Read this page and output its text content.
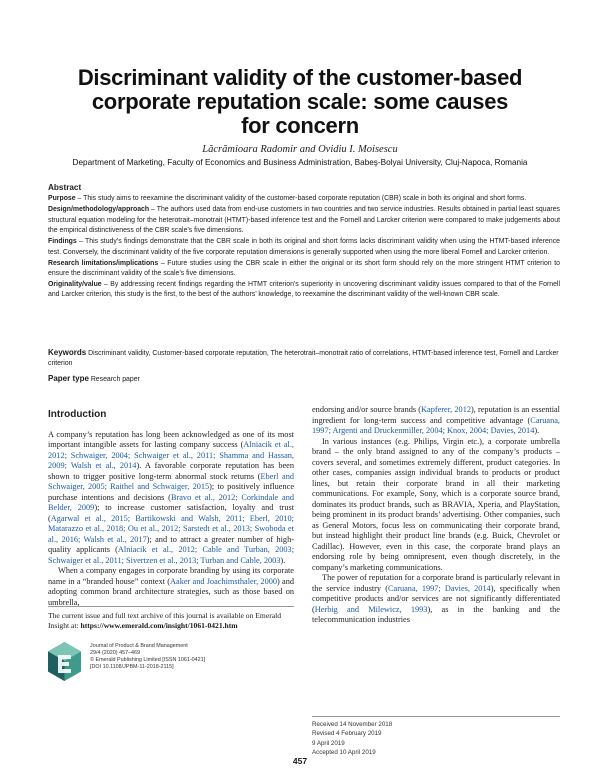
Discriminant validity of the customer-based
corporate reputation scale: some causes
for concern
Lăcrămioara Radomir and Ovidiu I. Moisescu
Department of Marketing, Faculty of Economics and Business Administration, Babeş-Bolyai University, Cluj-Napoca, Romania
Abstract

Purpose – This study aims to reexamine the discriminant validity of the customer-based corporate reputation (CBR) scale in both its original and short forms.

Design/methodology/approach – The authors used data from end-use customers in two countries and two service industries. Results obtained in partial least squares structural equation modeling for the heterotrait–monotrait (HTMT)-based inference test and the Fornell and Larcker criterion were compared to make judgements about the empirical distinctiveness of the CBR scale’s five dimensions.

Findings – This study’s findings demonstrate that the CBR scale in both its original and short forms lacks discriminant validity when using the HTMT-based inference test. Conversely, the discriminant validity of the five corporate reputation dimensions is generally supported when using the more liberal Fornell and Larcker criterion.

Research limitations/implications – Future studies using the CBR scale in either the original or its short form should rely on the more stringent HTMT criterion to ensure the discriminant validity of the scale’s five dimensions.

Originality/value – By addressing recent findings regarding the HTMT criterion’s superiority in uncovering discriminant validity issues compared to that of the Fornell and Larcker criterion, this study is the first, to the best of the authors’ knowledge, to reexamine the discriminant validity of the well-known CBR scale.

Keywords Discriminant validity, Customer-based corporate reputation, The heterotrait–monotrait ratio of correlations, HTMT-based inference test, Fornell and Larcker criterion
Paper type Research paper
Introduction

A company’s reputation has long been acknowledged as one of its most important intangible assets for lasting company success (Alniacik et al., 2012; Schwaiger, 2004; Schwaiger et al., 2011; Shamma and Hassan, 2009; Walsh et al., 2014). A favorable corporate reputation has been shown to trigger positive long-term abnormal stock returns (Eberl and Schwaiger, 2005; Raithel and Schwaiger, 2015); to positively influence purchase intentions and decisions (Bravo et al., 2012; Corkindale and Belder, 2009); to increase customer satisfaction, loyalty and trust (Agarwal et al., 2015; Bartikowski and Walsh, 2011; Eberl, 2010; Matarazzo et al., 2018; Ou et al., 2012; Sarstedt et al., 2013; Swoboda et al., 2016; Walsh et al., 2017); and to attract a greater number of high-quality applicants (Alniacik et al., 2012; Cable and Turban, 2003; Schwaiger et al., 2011; Sivertzen et al., 2013; Turban and Cable, 2003).

When a company engages in corporate branding by using its corporate name in a “branded house” context (Aaker and Joachimsthaler, 2000) and adopting common brand architecture strategies, such as those based on umbrella,

endorsing and/or source brands (Kapferer, 2012), reputation is an essential ingredient for long-term success and competitive advantage (Caruana, 1997; Argenti and Druckenmiller, 2004; Knox, 2004; Davies, 2014).

In various instances (e.g. Philips, Virgin etc.), a corporate umbrella brand – the only brand assigned to any of the company’s products – covers several, and sometimes extremely different, product categories. In other cases, companies assign individual brands to products or product lines, but retain their corporate brand in all their marketing communications. For example, Sony, which is a corporate source brand, dominates its product brands, such as BRAVIA, Xperia, and PlayStation, being prominent in its product brands’ advertising. Other companies, such as General Motors, focus less on communicating their corporate brand, but instead highlight their product line brands (e.g. Buick, Chevrolet or Cadillac). However, even in this case, the corporate brand plays an endorsing role by being omnipresent, even though discretely, in the company’s marketing communications.

The power of reputation for a corporate brand is particularly relevant in the service industry (Caruana, 1997; Davies, 2014), specifically when competitive products and/or services are not significantly differentiated (Herbig and Milewicz, 1993), as in the banking and the telecommunication industries

The current issue and full text archive of this journal is available on Emerald Insight at: https://www.emerald.com/insight/1061-0421.htm
Journal of Product & Brand Management
29/4 (2020) 457–469
© Emerald Publishing Limited [ISSN 1061-0421]
[DOI 10.1108/JPBM-11-2018-2115]
Received 14 November 2018
Revised 4 February 2019
9 April 2019
Accepted 10 April 2019
457
